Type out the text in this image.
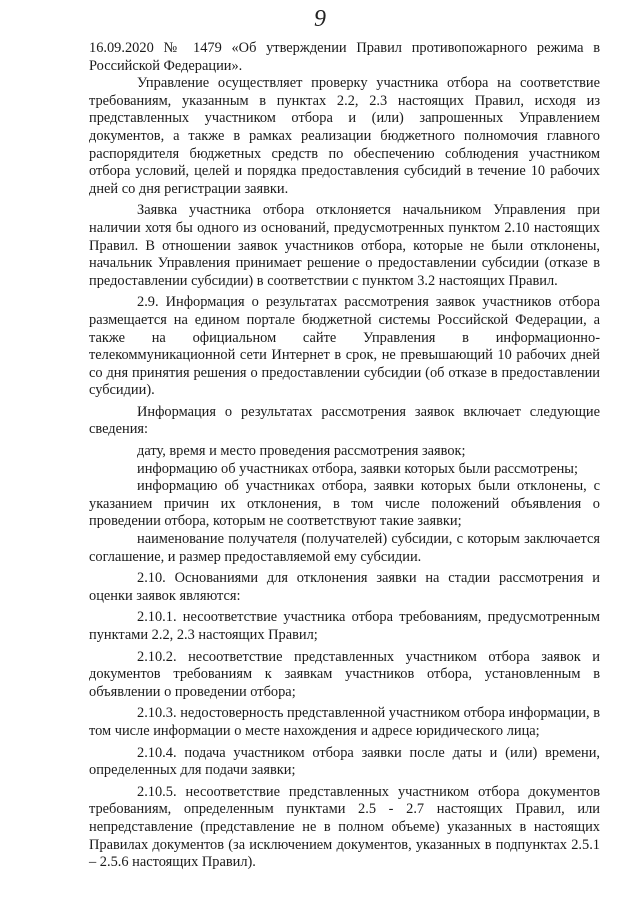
9

16.09.2020 № 1479 «Об утверждении Правил противопожарного режима в Российской Федерации».

Управление осуществляет проверку участника отбора на соответствие требованиям, указанным в пунктах 2.2, 2.3 настоящих Правил, исходя из представленных участником отбора и (или) запрошенных Управлением документов, а также в рамках реализации бюджетного полномочия главного распорядителя бюджетных средств по обеспечению соблюдения участником отбора условий, целей и порядка предоставления субсидий в течение 10 рабочих дней со дня регистрации заявки.

Заявка участника отбора отклоняется начальником Управления при наличии хотя бы одного из оснований, предусмотренных пунктом 2.10 настоящих Правил. В отношении заявок участников отбора, которые не были отклонены, начальник Управления принимает решение о предоставлении субсидии (отказе в предоставлении субсидии) в соответствии с пунктом 3.2 настоящих Правил.

2.9. Информация о результатах рассмотрения заявок участников отбора размещается на едином портале бюджетной системы Российской Федерации, а также на официальном сайте Управления в информационно-телекоммуникационной сети Интернет в срок, не превышающий 10 рабочих дней со дня принятия решения о предоставлении субсидии (об отказе в предоставлении субсидии).

Информация о результатах рассмотрения заявок включает следующие сведения:

дату, время и место проведения рассмотрения заявок;

информацию об участниках отбора, заявки которых были рассмотрены;

информацию об участниках отбора, заявки которых были отклонены, с указанием причин их отклонения, в том числе положений объявления о проведении отбора, которым не соответствуют такие заявки;

наименование получателя (получателей) субсидии, с которым заключается соглашение, и размер предоставляемой ему субсидии.

2.10. Основаниями для отклонения заявки на стадии рассмотрения и оценки заявок являются:

2.10.1. несоответствие участника отбора требованиям, предусмотренным пунктами 2.2, 2.3 настоящих Правил;

2.10.2. несоответствие представленных участником отбора заявок и документов требованиям к заявкам участников отбора, установленным в объявлении о проведении отбора;

2.10.3. недостоверность представленной участником отбора информации, в том числе информации о месте нахождения и адресе юридического лица;

2.10.4. подача участником отбора заявки после даты и (или) времени, определенных для подачи заявки;

2.10.5. несоответствие представленных участником отбора документов требованиям, определенным пунктами 2.5 - 2.7 настоящих Правил, или непредставление (представление не в полном объеме) указанных в настоящих Правилах документов (за исключением документов, указанных в подпунктах 2.5.1 – 2.5.6 настоящих Правил).
